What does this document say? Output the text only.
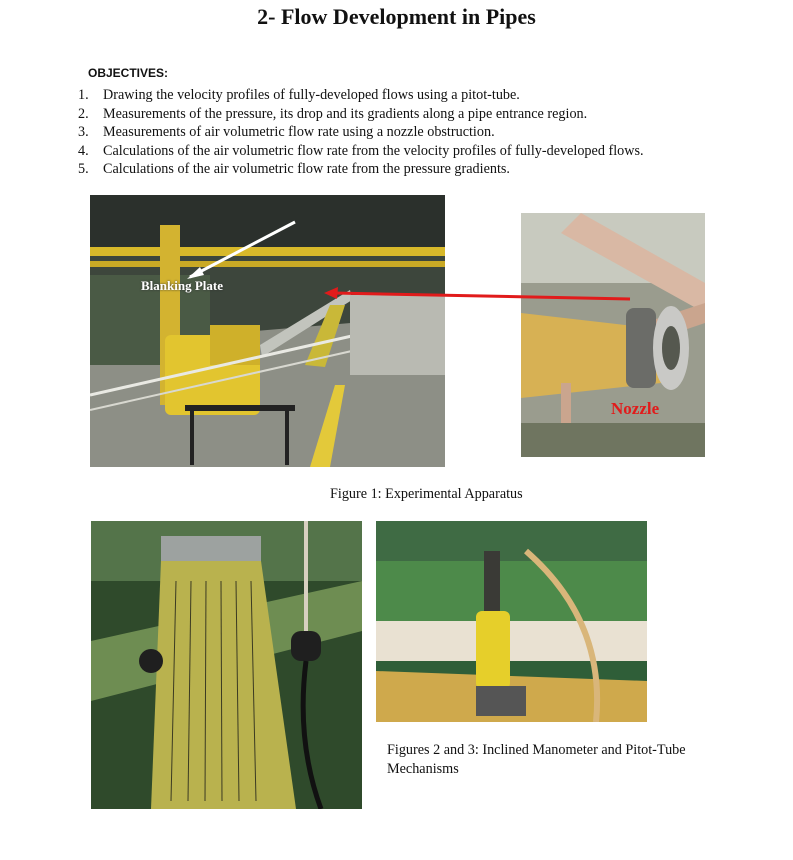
2- Flow Development in Pipes
OBJECTIVES:
1.	Drawing the velocity profiles of fully-developed flows using a pitot-tube.
2.	Measurements of the pressure, its drop and its gradients along a pipe entrance region.
3.	Measurements of air volumetric flow rate using a nozzle obstruction.
4.	Calculations of the air volumetric flow rate from the velocity profiles of fully-developed flows.
5.	Calculations of the air volumetric flow rate from the pressure gradients.
Blanking Plate
Nozzle
Figure 1: Experimental Apparatus
Figures 2 and 3: Inclined Manometer and Pitot-Tube Mechanisms
